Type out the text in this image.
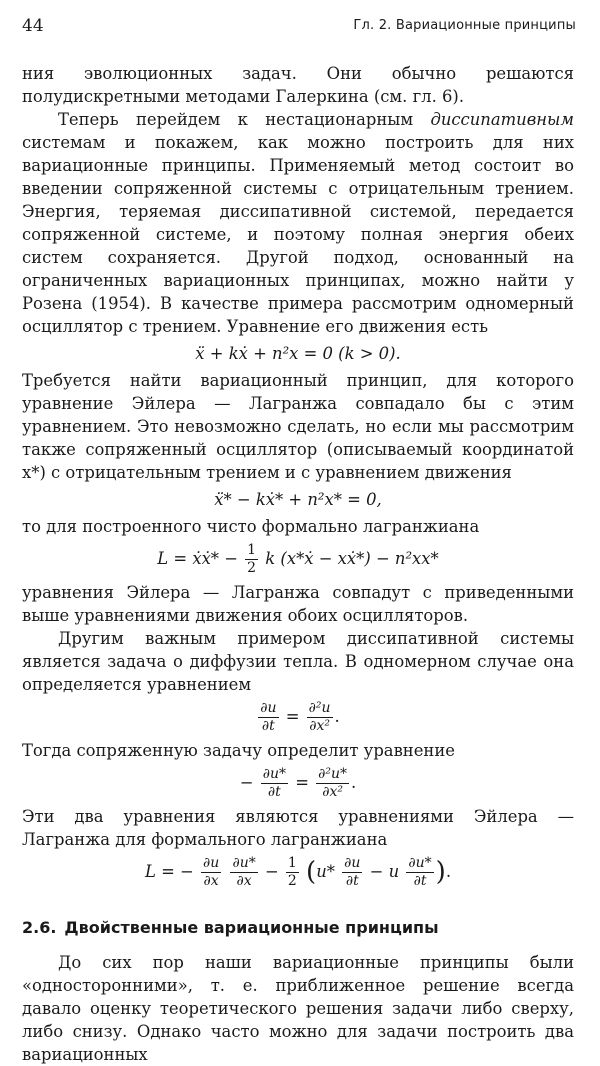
44	Гл. 2. Вариационные принципы

ния эволюционных задач. Они обычно решаются полудискретными методами Галеркина (см. гл. 6).

Теперь перейдем к нестационарным диссипативным системам и покажем, как можно построить для них вариационные принципы. Применяемый метод состоит во введении сопряженной системы с отрицательным трением. Энергия, теряемая диссипативной системой, передается сопряженной системе, и поэтому полная энергия обеих систем сохраняется. Другой подход, основанный на ограниченных вариационных принципах, можно найти у Розена (1954). В качестве примера рассмотрим одномерный осциллятор с трением. Уравнение его движения есть

ẍ + kẋ + n²x = 0 (k > 0).

Требуется найти вариационный принцип, для которого уравнение Эйлера — Лагранжа совпадало бы с этим уравнением. Это невозможно сделать, но если мы рассмотрим также сопряженный осциллятор (описываемый координатой x*) с отрицательным трением и с уравнением движения

ẍ* − kẋ* + n²x* = 0,

то для построенного чисто формально лагранжиана

L = ẋẋ* − $\frac{1}{2}$ k (x*ẋ − xẋ*) − n²xx*

уравнения Эйлера — Лагранжа совпадут с приведенными выше уравнениями движения обоих осцилляторов.

Другим важным примером диссипативной системы является задача о диффузии тепла. В одномерном случае она определяется уравнением

$\frac{\partial u}{\partial t} = \frac{\text{∂²u}}{\text{∂x²}}$ .

Тогда сопряженную задачу определит уравнение

− $\frac{\partial u*}{\partial t} = \frac{\text{∂²u*}}{\text{∂x²}}$ .

Эти два уравнения являются уравнениями Эйлера — Лагранжа для формального лагранжиана

L = − $\frac{\partial u}{\partial x}$
$\frac{\partial u*}{\partial x} - \frac{1}{2} (u* \frac{\partial u}{\partial t} - u \frac{\partial u*}{\partial t}$ ).
2.6. Двойственные вариационные принципы

До сих пор наши вариационные принципы были «односторонними», т. е. приближенное решение всегда давало оценку теоретического решения задачи либо сверху, либо снизу. Однако часто можно для задачи построить два вариационных
